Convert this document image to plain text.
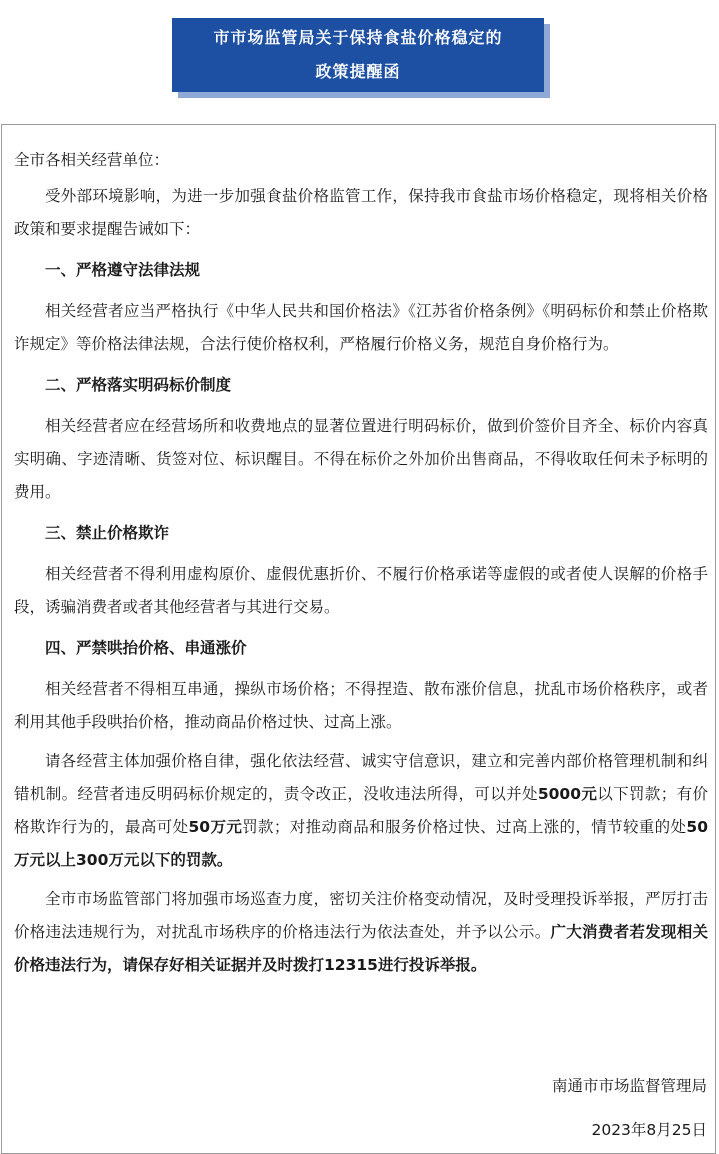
市市场监管局关于保持食盐价格稳定的
政策提醒函

全市各相关经营单位：

受外部环境影响，为进一步加强食盐价格监管工作，保持我市食盐市场价格稳定，现将相关价格政策和要求提醒告诫如下：

一、严格遵守法律法规

相关经营者应当严格执行《中华人民共和国价格法》《江苏省价格条例》《明码标价和禁止价格欺诈规定》等价格法律法规，合法行使价格权利，严格履行价格义务，规范自身价格行为。

二、严格落实明码标价制度

相关经营者应在经营场所和收费地点的显著位置进行明码标价，做到价签价目齐全、标价内容真实明确、字迹清晰、货签对位、标识醒目。不得在标价之外加价出售商品，不得收取任何未予标明的费用。

三、禁止价格欺诈

相关经营者不得利用虚构原价、虚假优惠折价、不履行价格承诺等虚假的或者使人误解的价格手段，诱骗消费者或者其他经营者与其进行交易。

四、严禁哄抬价格、串通涨价

相关经营者不得相互串通，操纵市场价格；不得捏造、散布涨价信息，扰乱市场价格秩序，或者利用其他手段哄抬价格，推动商品价格过快、过高上涨。

请各经营主体加强价格自律，强化依法经营、诚实守信意识，建立和完善内部价格管理机制和纠错机制。经营者违反明码标价规定的，责令改正，没收违法所得，可以并处5000元以下罚款；有价格欺诈行为的，最高可处50万元罚款；对推动商品和服务价格过快、过高上涨的，情节较重的处50万元以上300万元以下的罚款。

全市市场监管部门将加强市场巡查力度，密切关注价格变动情况，及时受理投诉举报，严厉打击价格违法违规行为，对扰乱市场秩序的价格违法行为依法查处，并予以公示。广大消费者若发现相关价格违法行为，请保存好相关证据并及时拨打12315进行投诉举报。

南通市市场监督管理局
2023年8月25日
